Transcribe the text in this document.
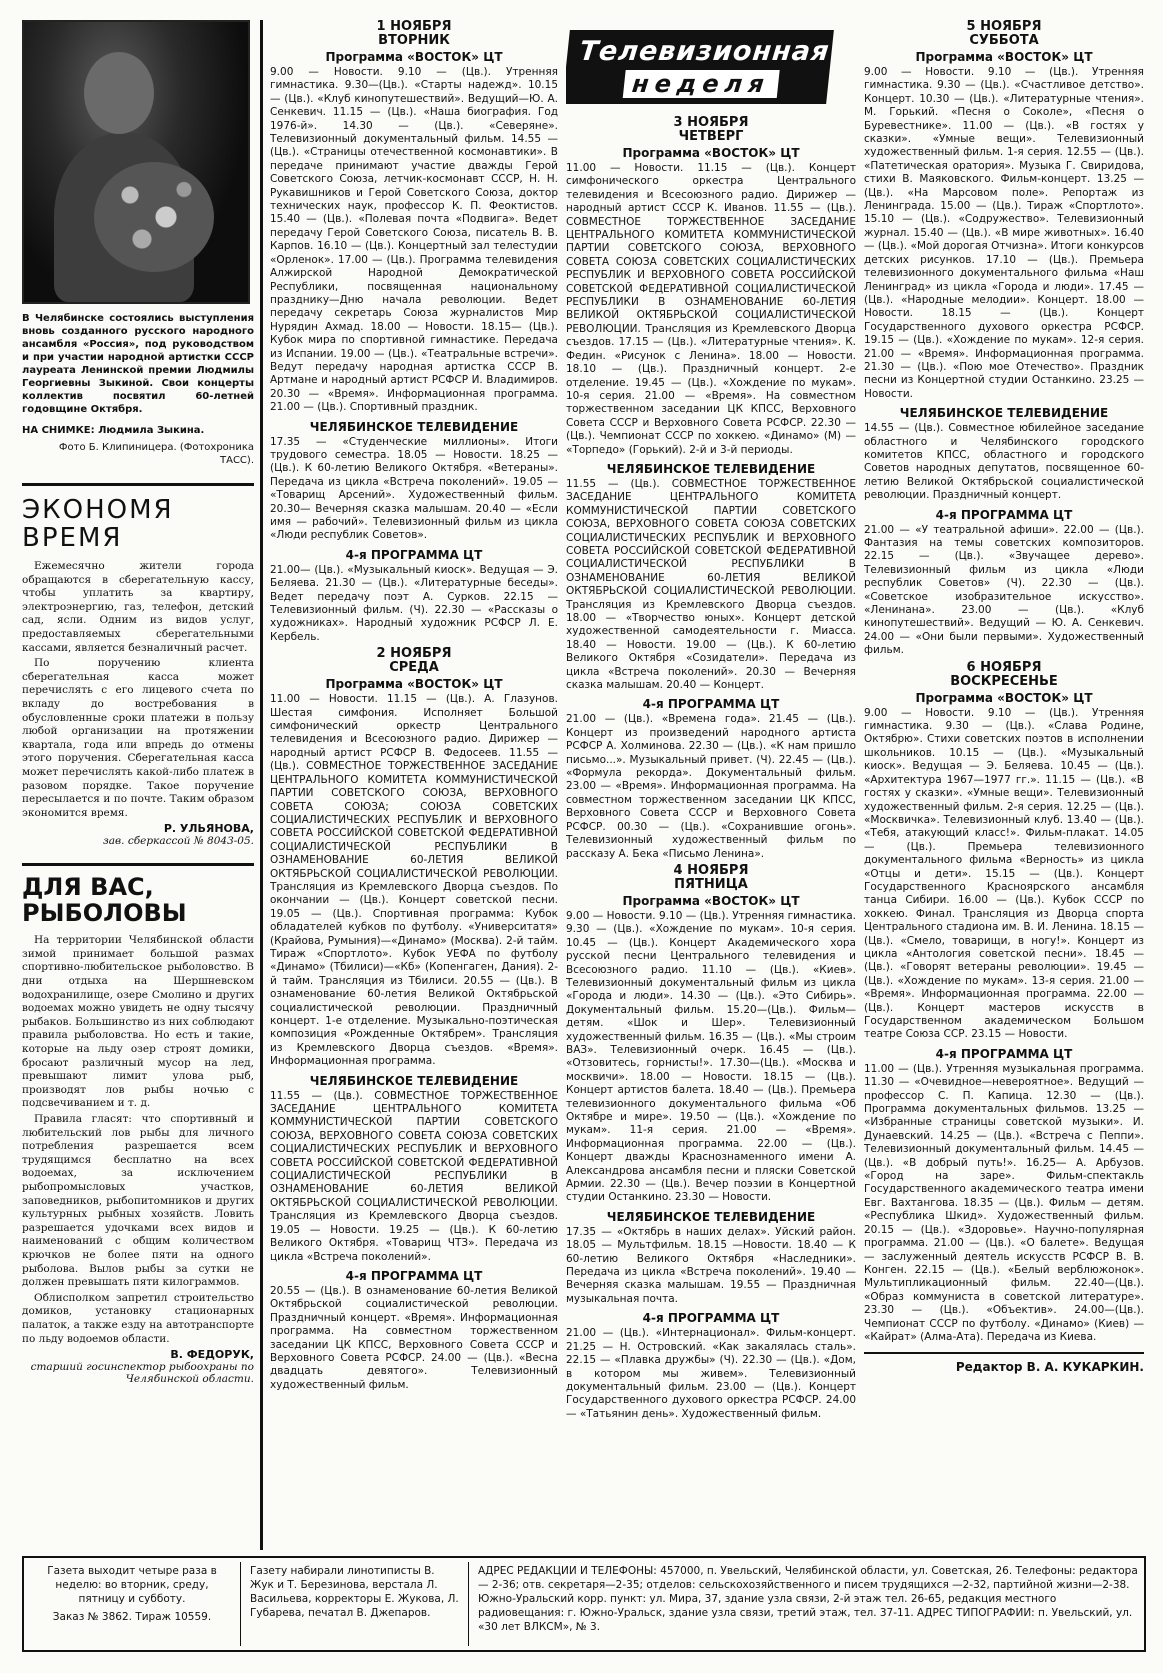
В Челябинске состоялись выступления вновь созданного русского народного ансамбля «Россия», под руководством и при участии народной артистки СССР лауреата Ленинской премии Людмилы Георгиевны Зыкиной. Свои концерты коллектив посвятил 60-летней годовщине Октября.
НА СНИМКЕ: Людмила Зыкина.
Фото Б. Клипиницера. (Фотохроника ТАСС).
ЭКОНОМЯ ВРЕМЯ

Ежемесячно жители города обращаются в сберегательную кассу, чтобы уплатить за квартиру, электроэнергию, газ, телефон, детский сад, ясли. Одним из видов услуг, предоставляемых сберегательными кассами, является безналичный расчет.

По поручению клиента сберегательная касса может перечислять с его лицевого счета по вкладу до востребования в обусловленные сроки платежи в пользу любой организации на протяжении квартала, года или впредь до отмены этого поручения. Сберегательная касса может перечислять какой-либо платеж в разовом порядке. Такое поручение пересылается и по почте. Таким образом экономится время.

Р. УЛЬЯНОВА,
зав. сберкассой № 8043-05.
ДЛЯ ВАС, РЫБОЛОВЫ

На территории Челябинской области зимой принимает большой размах спортивно-любительское рыболовство. В дни отдыха на Шершневском водохранилище, озере Смолино и других водоемах можно увидеть не одну тысячу рыбаков. Большинство из них соблюдают правила рыболовства. Но есть и такие, которые на льду озер строят домики, бросают различный мусор на лед, превышают лимит улова рыб, производят лов рыбы ночью с подсвечиванием и т. д.

Правила гласят: что спортивный и любительский лов рыбы для личного потребления разрешается всем трудящимся бесплатно на всех водоемах, за исключением рыбопромысловых участков, заповедников, рыбопитомников и других культурных рыбных хозяйств. Ловить разрешается удочками всех видов и наименований с общим количеством крючков не более пяти на одного рыболова. Вылов рыбы за сутки не должен превышать пяти килограммов.

Облисполком запретил строительство домиков, установку стационарных палаток, а также езду на автотранспорте по льду водоемов области.

В. ФЕДОРУК,
старший госинспектор рыбоохраны по Челябинской области.
1 НОЯБРЯ
ВТОРНИК
Программа «ВОСТОК» ЦТ
9.00 — Новости. 9.10 — (Цв.). Утренняя гимнастика. 9.30—(Цв.). «Старты надежд». 10.15 — (Цв.). «Клуб кинопутешествий». Ведущий—Ю. А. Сенкевич. 11.15 — (Цв.). «Наша биография. Год 1976-й». 14.30 — (Цв.). «Северяне». Телевизионный документальный фильм. 14.55 — (Цв.). «Страницы отечественной космонавтики». В передаче принимают участие дважды Герой Советского Союза, летчик-космонавт СССР, Н. Н. Рукавишников и Герой Советского Союза, доктор технических наук, профессор К. П. Феоктистов. 15.40 — (Цв.). «Полевая почта «Подвига». Ведет передачу Герой Советского Союза, писатель В. В. Карпов. 16.10 — (Цв.). Концертный зал телестудии «Орленок». 17.00 — (Цв.). Программа телевидения Алжирской Народной Демократической Республики, посвященная национальному празднику—Дню начала революции. Ведет передачу секретарь Союза журналистов Мир Нурядин Ахмад. 18.00 — Новости. 18.15— (Цв.). Кубок мира по спортивной гимнастике. Передача из Испании. 19.00 — (Цв.). «Театральные встречи». Ведут передачу народная артистка СССР В. Артмане и народный артист РСФСР И. Владимиров. 20.30 — «Время». Информационная программа. 21.00 — (Цв.). Спортивный праздник.
ЧЕЛЯБИНСКОЕ ТЕЛЕВИДЕНИЕ
17.35 — «Студенческие миллионы». Итоги трудового семестра. 18.05 — Новости. 18.25 — (Цв.). К 60-летию Великого Октября. «Ветераны». Передача из цикла «Встреча поколений». 19.05 — «Товарищ Арсений». Художественный фильм. 20.30— Вечерняя сказка малышам. 20.40 — «Если имя — рабочий». Телевизионный фильм из цикла «Люди республик Советов».
4-я ПРОГРАММА ЦТ
21.00— (Цв.). «Музыкальный киоск». Ведущая — Э. Беляева. 21.30 — (Цв.). «Литературные беседы». Ведет передачу поэт А. Сурков. 22.15 — Телевизионный фильм. (Ч). 22.30 — «Рассказы о художниках». Народный художник РСФСР Л. Е. Кербель.
2 НОЯБРЯ
СРЕДА
Программа «ВОСТОК» ЦТ
11.00 — Новости. 11.15 — (Цв.). А. Глазунов. Шестая симфония. Исполняет Большой симфонический оркестр Центрального телевидения и Всесоюзного радио. Дирижер — народный артист РСФСР В. Федосеев. 11.55 — (Цв.). СОВМЕСТНОЕ ТОРЖЕСТВЕННОЕ ЗАСЕДАНИЕ ЦЕНТРАЛЬНОГО КОМИТЕТА КОММУНИСТИЧЕСКОЙ ПАРТИИ СОВЕТСКОГО СОЮЗА, ВЕРХОВНОГО СОВЕТА СОЮЗА; СОЮЗА СОВЕТСКИХ СОЦИАЛИСТИЧЕСКИХ РЕСПУБЛИК И ВЕРХОВНОГО СОВЕТА РОССИЙСКОЙ СОВЕТСКОЙ ФЕДЕРАТИВНОЙ СОЦИАЛИСТИЧЕСКОЙ РЕСПУБЛИКИ В ОЗНАМЕНОВАНИЕ 60-ЛЕТИЯ ВЕЛИКОЙ ОКТЯБРЬСКОЙ СОЦИАЛИСТИЧЕСКОЙ РЕВОЛЮЦИИ. Трансляция из Кремлевского Дворца съездов. По окончании — (Цв.). Концерт советской песни. 19.05 — (Цв.). Спортивная программа: Кубок обладателей кубков по футболу. «Университатя» (Крайова, Румыния)—«Динамо» (Москва). 2-й тайм. Тираж «Спортлото». Кубок УЕФА по футболу «Динамо» (Тбилиси)—«Кб» (Копенгаген, Дания). 2-й тайм. Трансляция из Тбилиси. 20.55 — (Цв.). В ознаменование 60-летия Великой Октябрьской социалистической революции. Праздничный концерт. 1-е отделение. Музыкально-поэтическая композиция «Рожденные Октябрем». Трансляция из Кремлевского Дворца съездов. «Время». Информационная программа.
ЧЕЛЯБИНСКОЕ ТЕЛЕВИДЕНИЕ
11.55 — (Цв.). СОВМЕСТНОЕ ТОРЖЕСТВЕННОЕ ЗАСЕДАНИЕ ЦЕНТРАЛЬНОГО КОМИТЕТА КОММУНИСТИЧЕСКОЙ ПАРТИИ СОВЕТСКОГО СОЮЗА, ВЕРХОВНОГО СОВЕТА СОЮЗА СОВЕТСКИХ СОЦИАЛИСТИЧЕСКИХ РЕСПУБЛИК И ВЕРХОВНОГО СОВЕТА РОССИЙСКОЙ СОВЕТСКОЙ ФЕДЕРАТИВНОЙ СОЦИАЛИСТИЧЕСКОЙ РЕСПУБЛИКИ В ОЗНАМЕНОВАНИЕ 60-ЛЕТИЯ ВЕЛИКОЙ ОКТЯБРЬСКОЙ СОЦИАЛИСТИЧЕСКОЙ РЕВОЛЮЦИИ. Трансляция из Кремлевского Дворца съездов. 19.05 — Новости. 19.25 — (Цв.). К 60-летию Великого Октября. «Товарищ ЧТЗ». Передача из цикла «Встреча поколений».
4-я ПРОГРАММА ЦТ
20.55 — (Цв.). В ознаменование 60-летия Великой Октябрьской социалистической революции. Праздничный концерт. «Время». Информационная программа. На совместном торжественном заседании ЦК КПСС, Верховного Совета СССР и Верховного Совета РСФСР. 24.00 — (Цв.). «Весна двадцать девятого». Телевизионный художественный фильм.
Телевизионная
неделя
3 НОЯБРЯ
ЧЕТВЕРГ
Программа «ВОСТОК» ЦТ
11.00 — Новости. 11.15 — (Цв.). Концерт симфонического оркестра Центрального телевидения и Всесоюзного радио. Дирижер — народный артист СССР К. Иванов. 11.55 — (Цв.). СОВМЕСТНОЕ ТОРЖЕСТВЕННОЕ ЗАСЕДАНИЕ ЦЕНТРАЛЬНОГО КОМИТЕТА КОММУНИСТИЧЕСКОЙ ПАРТИИ СОВЕТСКОГО СОЮЗА, ВЕРХОВНОГО СОВЕТА СОЮЗА СОВЕТСКИХ СОЦИАЛИСТИЧЕСКИХ РЕСПУБЛИК И ВЕРХОВНОГО СОВЕТА РОССИЙСКОЙ СОВЕТСКОЙ ФЕДЕРАТИВНОЙ СОЦИАЛИСТИЧЕСКОЙ РЕСПУБЛИКИ В ОЗНАМЕНОВАНИЕ 60-ЛЕТИЯ ВЕЛИКОЙ ОКТЯБРЬСКОЙ СОЦИАЛИСТИЧЕСКОЙ РЕВОЛЮЦИИ. Трансляция из Кремлевского Дворца съездов. 17.15 — (Цв.). «Литературные чтения». К. Федин. «Рисунок с Ленина». 18.00 — Новости. 18.10 — (Цв.). Праздничный концерт. 2-е отделение. 19.45 — (Цв.). «Хождение по мукам». 10-я серия. 21.00 — «Время». На совместном торжественном заседании ЦК КПСС, Верховного Совета СССР и Верховного Совета РСФСР. 22.30 —(Цв.). Чемпионат СССР по хоккею. «Динамо» (М) — «Торпедо» (Горький). 2-й и 3-й периоды.
ЧЕЛЯБИНСКОЕ ТЕЛЕВИДЕНИЕ
11.55 — (Цв.). СОВМЕСТНОЕ ТОРЖЕСТВЕННОЕ ЗАСЕДАНИЕ ЦЕНТРАЛЬНОГО КОМИТЕТА КОММУНИСТИЧЕСКОЙ ПАРТИИ СОВЕТСКОГО СОЮЗА, ВЕРХОВНОГО СОВЕТА СОЮЗА СОВЕТСКИХ СОЦИАЛИСТИЧЕСКИХ РЕСПУБЛИК И ВЕРХОВНОГО СОВЕТА РОССИЙСКОЙ СОВЕТСКОЙ ФЕДЕРАТИВНОЙ СОЦИАЛИСТИЧЕСКОЙ РЕСПУБЛИКИ В ОЗНАМЕНОВАНИЕ 60-ЛЕТИЯ ВЕЛИКОЙ ОКТЯБРЬСКОЙ СОЦИАЛИСТИЧЕСКОЙ РЕВОЛЮЦИИ. Трансляция из Кремлевского Дворца съездов. 18.00 — «Творчество юных». Концерт детской художественной самодеятельности г. Миасса. 18.40 — Новости. 19.00 — (Цв.). К 60-летию Великого Октября «Созидатели». Передача из цикла «Встреча поколений». 20.30 — Вечерняя сказка малышам. 20.40 — Концерт.
4-я ПРОГРАММА ЦТ
21.00 — (Цв.). «Времена года». 21.45 — (Цв.). Концерт из произведений народного артиста РСФСР А. Холминова. 22.30 — (Цв.). «К нам пришло письмо...». Музыкальный привет. (Ч). 22.45 — (Цв.). «Формула рекорда». Документальный фильм. 23.00 — «Время». Информационная программа. На совместном торжественном заседании ЦК КПСС, Верховного Совета СССР и Верховного Совета РСФСР. 00.30 — (Цв.). «Сохранившие огонь». Телевизионный художественный фильм по рассказу А. Бека «Письмо Ленина».
4 НОЯБРЯ
ПЯТНИЦА
Программа «ВОСТОК» ЦТ
9.00 — Новости. 9.10 — (Цв.). Утренняя гимнастика. 9.30 — (Цв.). «Хождение по мукам». 10-я серия. 10.45 — (Цв.). Концерт Академического хора русской песни Центрального телевидения и Всесоюзного радио. 11.10 — (Цв.). «Киев». Телевизионный документальный фильм из цикла «Города и люди». 14.30 — (Цв.). «Это Сибирь». Документальный фильм. 15.20—(Цв.). Фильм—детям. «Шок и Шер». Телевизионный художественный фильм. 16.35 — (Цв.). «Мы строим ВАЗ». Телевизионный очерк. 16.45 — (Цв.). «Отзовитесь, горнисты!». 17.30—(Цв.). «Москва и москвичи». 18.00 — Новости. 18.15 — (Цв.). Концерт артистов балета. 18.40 — (Цв.). Премьера телевизионного документального фильма «Об Октябре и мире». 19.50 — (Цв.). «Хождение по мукам». 11-я серия. 21.00 — «Время». Информационная программа. 22.00 — (Цв.). Концерт дважды Краснознаменного имени А. Александрова ансамбля песни и пляски Советской Армии. 22.30 — (Цв.). Вечер поэзии в Концертной студии Останкино. 23.30 — Новости.
ЧЕЛЯБИНСКОЕ ТЕЛЕВИДЕНИЕ
17.35 — «Октябрь в наших делах». Уйский район. 18.05 — Мультфильм. 18.15 —Новости. 18.40 — К 60-летию Великого Октября «Наследники». Передача из цикла «Встреча поколений». 19.40 — Вечерняя сказка малышам. 19.55 — Праздничная музыкальная почта.
4-я ПРОГРАММА ЦТ
21.00 — (Цв.). «Интернационал». Фильм-концерт. 21.25 — Н. Островский. «Как закалялась сталь». 22.15 — «Плавка дружбы» (Ч). 22.30 — (Цв.). «Дом, в котором мы живем». Телевизионный документальный фильм. 23.00 — (Цв.). Концерт Государственного духового оркестра РСФСР. 24.00 — «Татьянин день». Художественный фильм.
5 НОЯБРЯ
СУББОТА
Программа «ВОСТОК» ЦТ
9.00 — Новости. 9.10 — (Цв.). Утренняя гимнастика. 9.30 — (Цв.). «Счастливое детство». Концерт. 10.30 — (Цв.). «Литературные чтения». М. Горький. «Песня о Соколе», «Песня о Буревестнике». 11.00 — (Цв.). «В гостях у сказки». «Умные вещи». Телевизионный художественный фильм. 1-я серия. 12.55 — (Цв.). «Патетическая оратория». Музыка Г. Свиридова, стихи В. Маяковского. Фильм-концерт. 13.25 — (Цв.). «На Марсовом поле». Репортаж из Ленинграда. 15.00 — (Цв.). Тираж «Спортлото». 15.10 — (Цв.). «Содружество». Телевизионный журнал. 15.40 — (Цв.). «В мире животных». 16.40 — (Цв.). «Мой дорогая Отчизна». Итоги конкурсов детских рисунков. 17.10 — (Цв.). Премьера телевизионного документального фильма «Наш Ленинград» из цикла «Города и люди». 17.45 — (Цв.). «Народные мелодии». Концерт. 18.00 — Новости. 18.15 — (Цв.). Концерт Государственного духового оркестра РСФСР. 19.15 — (Цв.). «Хождение по мукам». 12-я серия. 21.00 — «Время». Информационная программа. 21.30 — (Цв.). «Пою мое Отечество». Праздник песни из Концертной студии Останкино. 23.25 — Новости.
ЧЕЛЯБИНСКОЕ ТЕЛЕВИДЕНИЕ
14.55 — (Цв.). Совместное юбилейное заседание областного и Челябинского городского комитетов КПСС, областного и городского Советов народных депутатов, посвященное 60-летию Великой Октябрьской социалистической революции. Праздничный концерт.
4-я ПРОГРАММА ЦТ
21.00 — «У театральной афиши». 22.00 — (Цв.). Фантазия на темы советских композиторов. 22.15 — (Цв.). «Звучащее дерево». Телевизионный фильм из цикла «Люди республик Советов» (Ч). 22.30 — (Цв.). «Советское изобразительное искусство». «Ленинана». 23.00 — (Цв.). «Клуб кинопутешествий». Ведущий — Ю. А. Сенкевич. 24.00 — «Они были первыми». Художественный фильм.
6 НОЯБРЯ
ВОСКРЕСЕНЬЕ
Программа «ВОСТОК» ЦТ
9.00 — Новости. 9.10 — (Цв.). Утренняя гимнастика. 9.30 — (Цв.). «Слава Родине, Октябрю». Стихи советских поэтов в исполнении школьников. 10.15 — (Цв.). «Музыкальный киоск». Ведущая — Э. Беляева. 10.45 — (Цв.). «Архитектура 1967—1977 гг.». 11.15 — (Цв.). «В гостях у сказки». «Умные вещи». Телевизионный художественный фильм. 2-я серия. 12.25 — (Цв.). «Москвичка». Телевизионный клуб. 13.40 — (Цв.). «Тебя, атакующий класс!». Фильм-плакат. 14.05 — (Цв.). Премьера телевизионного документального фильма «Верность» из цикла «Отцы и дети». 15.15 — (Цв.). Концерт Государственного Красноярского ансамбля танца Сибири. 16.00 — (Цв.). Кубок СССР по хоккею. Финал. Трансляция из Дворца спорта Центрального стадиона им. В. И. Ленина. 18.15 —(Цв.). «Смело, товарищи, в ногу!». Концерт из цикла «Антология советской песни». 18.45 — (Цв.). «Говорят ветераны революции». 19.45 — (Цв.). «Хождение по мукам». 13-я серия. 21.00 — «Время». Информационная программа. 22.00 — (Цв.). Концерт мастеров искусств в Государственном академическом Большом театре Союза ССР. 23.15 — Новости.
4-я ПРОГРАММА ЦТ
11.00 — (Цв.). Утренняя музыкальная программа. 11.30 — «Очевидное—невероятное». Ведущий — профессор С. П. Капица. 12.30 — (Цв.). Программа документальных фильмов. 13.25 — «Избранные страницы советской музыки». И. Дунаевский. 14.25 — (Цв.). «Встреча с Пеппи». Телевизионный документальный фильм. 14.45 — (Цв.). «В добрый путь!». 16.25— А. Арбузов. «Город на заре». Фильм-спектакль Государственного академического театра имени Евг. Вахтангова. 18.35 — (Цв.). Фильм — детям. «Республика Шкид». Художественный фильм. 20.15 — (Цв.). «Здоровье». Научно-популярная программа. 21.00 — (Цв.). «О балете». Ведущая — заслуженный деятель искусств РСФСР В. В. Конген. 22.15 — (Цв.). «Белый верблюжонок». Мультипликационный фильм. 22.40—(Цв.). «Образ коммуниста в советской литературе». 23.30 — (Цв.). «Объектив». 24.00—(Цв.). Чемпионат СССР по футболу. «Динамо» (Киев) — «Кайрат» (Алма-Ата). Передача из Киева.
Редактор В. А. КУКАРКИН.
Газета выходит четыре раза в неделю: во вторник, среду, пятницу и субботу.
Заказ № 3862. Тираж 10559.
Газету набирали линотиписты В. Жук и Т. Березинова, верстала Л. Васильева, корректоры Е. Жукова, Л. Губарева, печатал В. Джепаров.
АДРЕС РЕДАКЦИИ И ТЕЛЕФОНЫ: 457000, п. Увельский, Челябинской области, ул. Советская, 26. Телефоны: редактора — 2-36; отв. секретаря—2-35; отделов: сельскохозяйственного и писем трудящихся —2-32, партийной жизни—2-38. Южно-Уральский корр. пункт: ул. Мира, 37, здание узла связи, 2-й этаж тел. 26-65, редакция местного радиовещания: г. Южно-Уральск, здание узла связи, третий этаж, тел. 37-11. АДРЕС ТИПОГРАФИИ: п. Увельский, ул. «30 лет ВЛКСМ», № 3.
